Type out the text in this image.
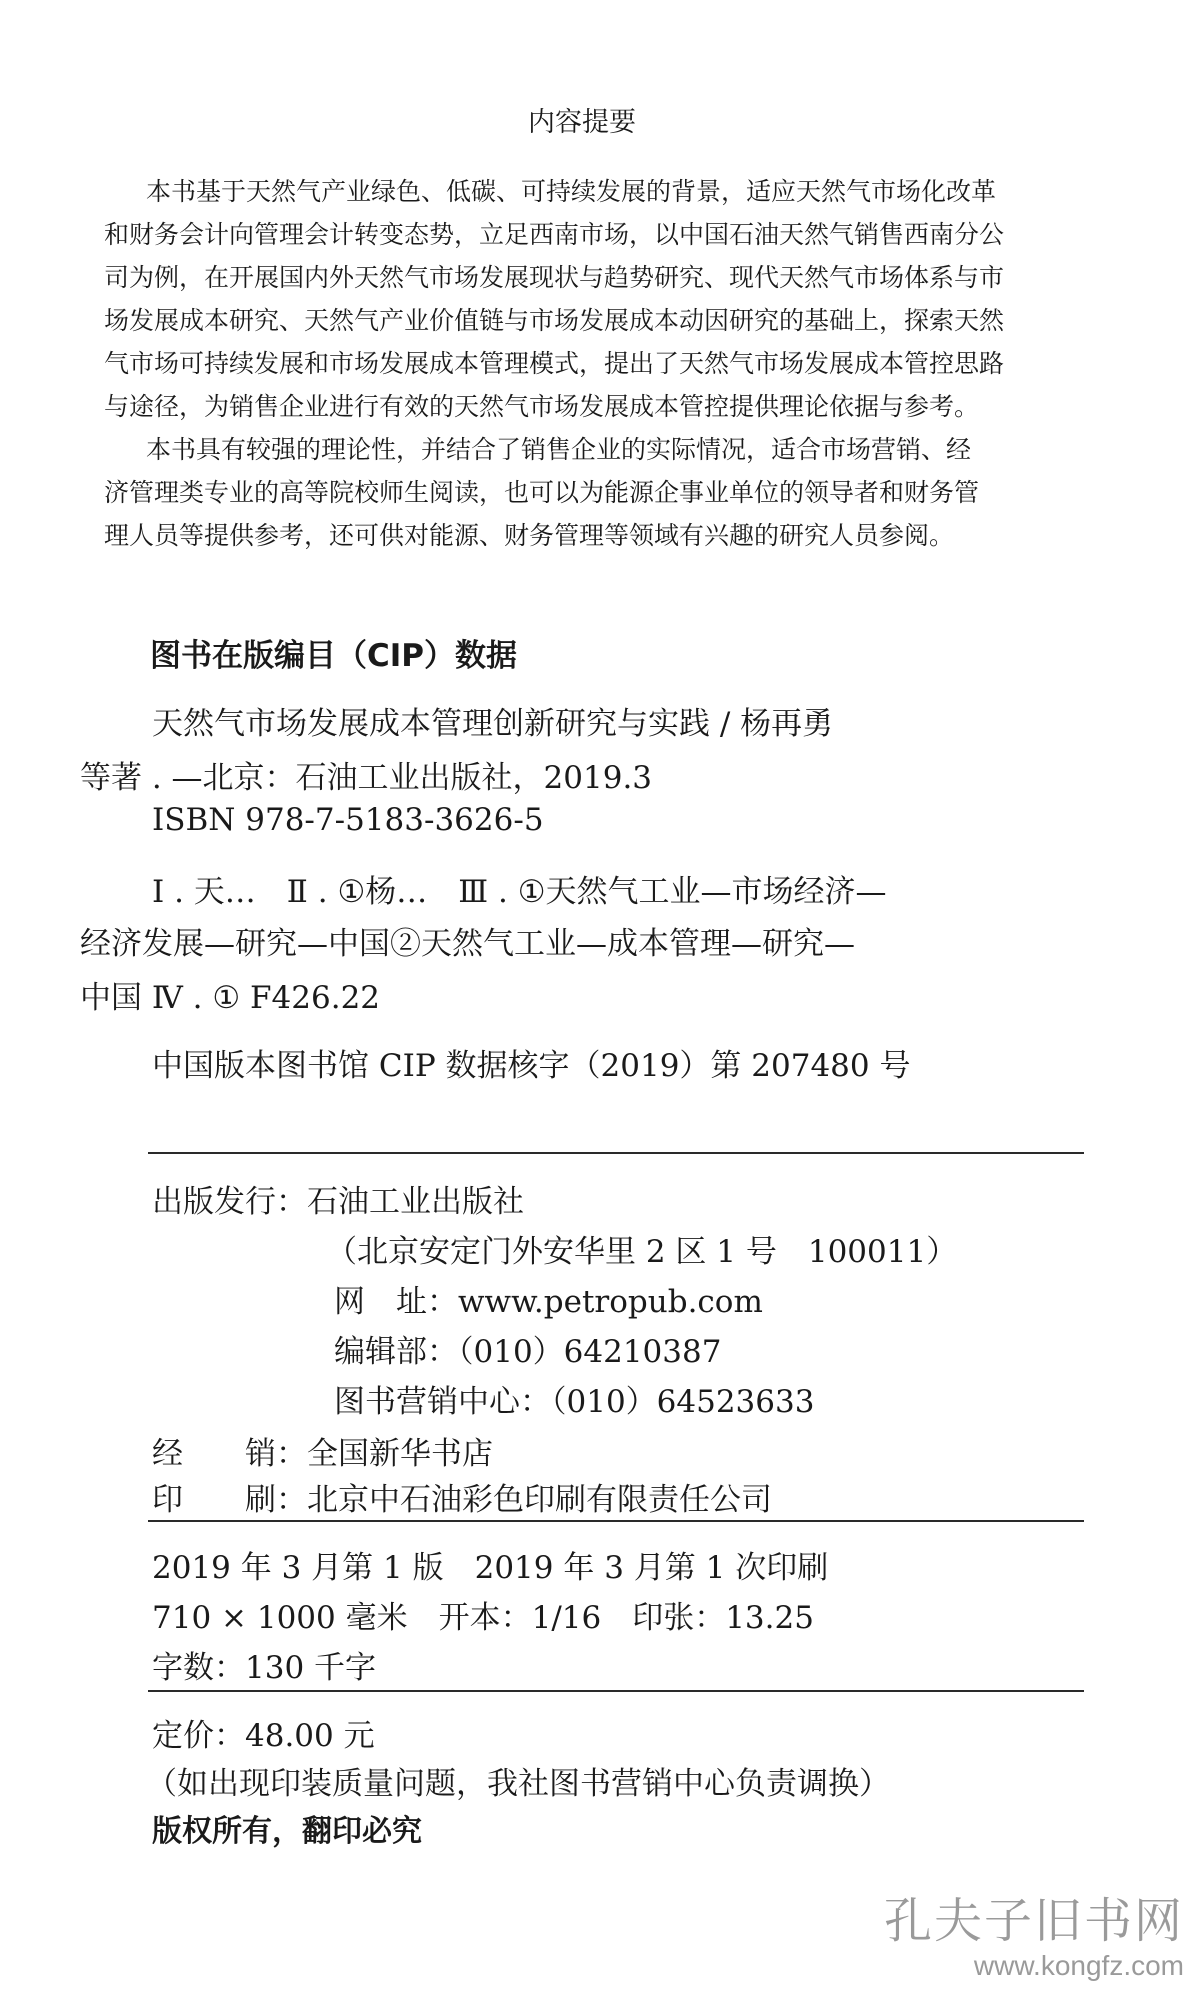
内容提要
本书基于天然气产业绿色、低碳、可持续发展的背景，适应天然气市场化改革
和财务会计向管理会计转变态势，立足西南市场，以中国石油天然气销售西南分公
司为例，在开展国内外天然气市场发展现状与趋势研究、现代天然气市场体系与市
场发展成本研究、天然气产业价值链与市场发展成本动因研究的基础上，探索天然
气市场可持续发展和市场发展成本管理模式，提出了天然气市场发展成本管控思路
与途径，为销售企业进行有效的天然气市场发展成本管控提供理论依据与参考。
本书具有较强的理论性，并结合了销售企业的实际情况，适合市场营销、经
济管理类专业的高等院校师生阅读，也可以为能源企事业单位的领导者和财务管
理人员等提供参考，还可供对能源、财务管理等领域有兴趣的研究人员参阅。
图书在版编目（CIP）数据
天然气市场发展成本管理创新研究与实践 / 杨再勇
等著 . —北京：石油工业出版社，2019.3
ISBN 978-7-5183-3626-5
Ⅰ . 天…　Ⅱ . ①杨…　Ⅲ . ①天然气工业—市场经济—
经济发展—研究—中国②天然气工业—成本管理—研究—
中国 Ⅳ . ① F426.22
中国版本图书馆 CIP 数据核字（2019）第 207480 号
出版发行：石油工业出版社
（北京安定门外安华里 2 区 1 号　100011）
网　址：www.petropub.com
编辑部：（010）64210387
图书营销中心：（010）64523633
经　　销：全国新华书店
印　　刷：北京中石油彩色印刷有限责任公司
2019 年 3 月第 1 版　2019 年 3 月第 1 次印刷
710 × 1000 毫米　开本：1/16　印张：13.25
字数：130 千字
定价：48.00 元
（如出现印装质量问题，我社图书营销中心负责调换）
版权所有，翻印必究
孔夫子旧书网
www.kongfz.com
